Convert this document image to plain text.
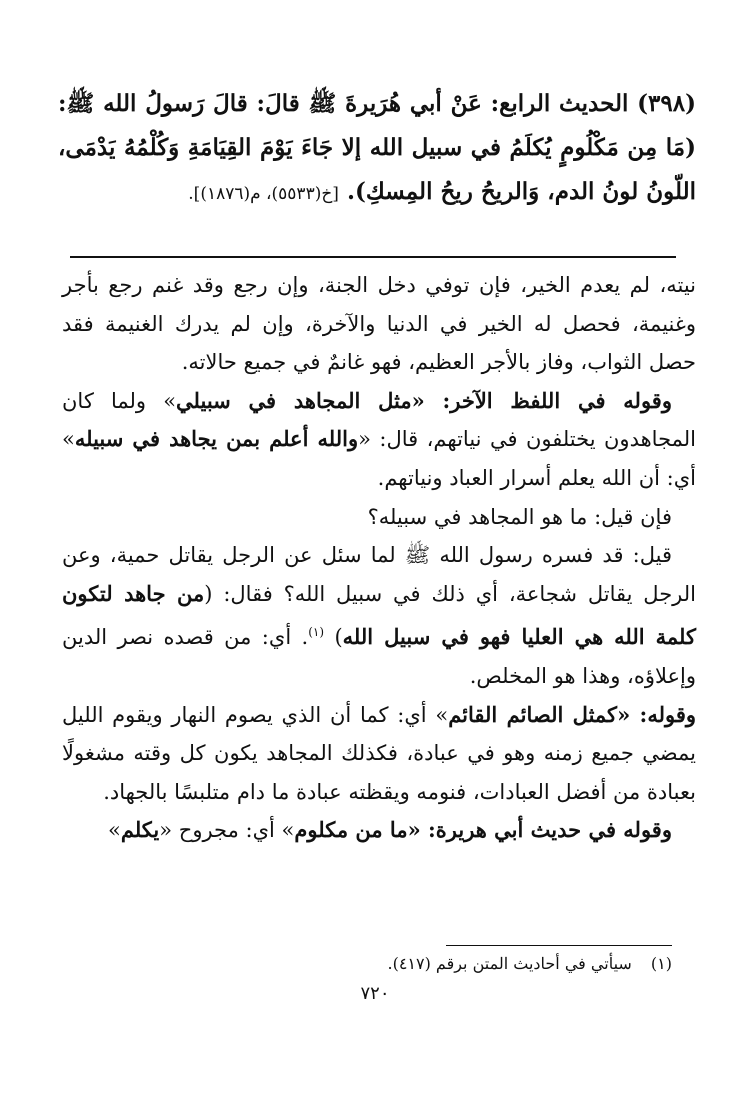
(٣٩٨) الحديث الرابع: عَنْ أبي هُرَيرةَ ﷺ قالَ: قالَ رَسولُ الله ﷺ: (مَا مِن مَكْلُومٍ يُكلَمُ في سبيل الله إلا جَاءَ يَوْمَ القِيَامَةِ وَكُلْمُهُ يَدْمَى، اللّونُ لونُ الدم، وَالريحُ ريحُ المِسكِ). [خ(٥٥٣٣)، م(١٨٧٦)].

نيته، لم يعدم الخير، فإن توفي دخل الجنة، وإن رجع وقد غنم رجع بأجر وغنيمة، فحصل له الخير في الدنيا والآخرة، وإن لم يدرك الغنيمة فقد حصل الثواب، وفاز بالأجر العظيم، فهو غانمٌ في جميع حالاته.

وقوله في اللفظ الآخر: «مثل المجاهد في سبيلي» ولما كان المجاهدون يختلفون في نياتهم، قال: «والله أعلم بمن يجاهد في سبيله» أي: أن الله يعلم أسرار العباد ونياتهم.

فإن قيل: ما هو المجاهد في سبيله؟

قيل: قد فسره رسول الله ﷺ لما سئل عن الرجل يقاتل حمية، وعن الرجل يقاتل شجاعة، أي ذلك في سبيل الله؟ فقال: (من جاهد لتكون كلمة الله هي العليا فهو في سبيل الله) $^{(١)}$. أي: من قصده نصر الدين وإعلاؤه، وهذا هو المخلص.

وقوله: «كمثل الصائم القائم» أي: كما أن الذي يصوم النهار ويقوم الليل يمضي جميع زمنه وهو في عبادة، فكذلك المجاهد يكون كل وقته مشغولًا بعبادة من أفضل العبادات، فنومه ويقظته عبادة ما دام متلبسًا بالجهاد.

وقوله في حديث أبي هريرة: «ما من مكلوم» أي: مجروح «يكلم»

(١) سيأتي في أحاديث المتن برقم (٤١٧).
٧٢٠
